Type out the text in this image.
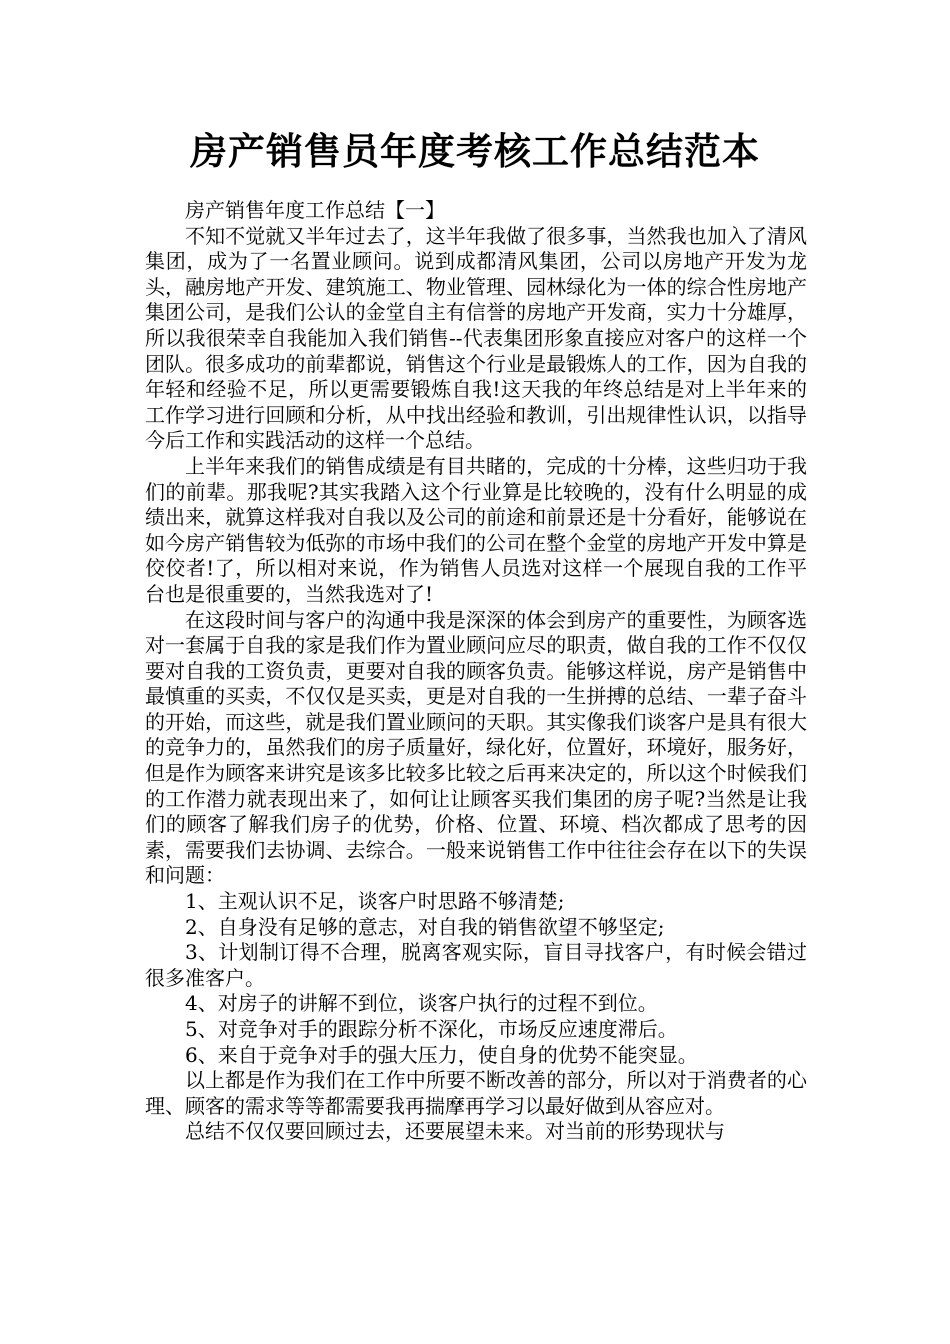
房产销售员年度考核工作总结范本

房产销售年度工作总结【一】

不知不觉就又半年过去了，这半年我做了很多事，当然我也加入了清风集团，成为了一名置业顾问。说到成都清风集团，公司以房地产开发为龙头，融房地产开发、建筑施工、物业管理、园林绿化为一体的综合性房地产集团公司，是我们公认的金堂自主有信誉的房地产开发商，实力十分雄厚，所以我很荣幸自我能加入我们销售--代表集团形象直接应对客户的这样一个团队。很多成功的前辈都说，销售这个行业是最锻炼人的工作，因为自我的年轻和经验不足，所以更需要锻炼自我!这天我的年终总结是对上半年来的工作学习进行回顾和分析，从中找出经验和教训，引出规律性认识，以指导今后工作和实践活动的这样一个总结。

上半年来我们的销售成绩是有目共睹的，完成的十分棒，这些归功于我们的前辈。那我呢?其实我踏入这个行业算是比较晚的，没有什么明显的成绩出来，就算这样我对自我以及公司的前途和前景还是十分看好，能够说在如今房产销售较为低弥的市场中我们的公司在整个金堂的房地产开发中算是佼佼者!了，所以相对来说，作为销售人员选对这样一个展现自我的工作平台也是很重要的，当然我选对了!

在这段时间与客户的沟通中我是深深的体会到房产的重要性，为顾客选对一套属于自我的家是我们作为置业顾问应尽的职责，做自我的工作不仅仅要对自我的工资负责，更要对自我的顾客负责。能够这样说，房产是销售中最慎重的买卖，不仅仅是买卖，更是对自我的一生拼搏的总结、一辈子奋斗的开始，而这些，就是我们置业顾问的天职。其实像我们谈客户是具有很大的竞争力的，虽然我们的房子质量好，绿化好，位置好，环境好，服务好，但是作为顾客来讲究是该多比较多比较之后再来决定的，所以这个时候我们的工作潜力就表现出来了，如何让让顾客买我们集团的房子呢?当然是让我们的顾客了解我们房子的优势，价格、位置、环境、档次都成了思考的因素，需要我们去协调、去综合。一般来说销售工作中往往会存在以下的失误和问题：

1、主观认识不足，谈客户时思路不够清楚;

2、自身没有足够的意志，对自我的销售欲望不够坚定;

3、计划制订得不合理，脱离客观实际，盲目寻找客户，有时候会错过很多准客户。

4、对房子的讲解不到位，谈客户执行的过程不到位。

5、对竞争对手的跟踪分析不深化，市场反应速度滞后。

6、来自于竞争对手的强大压力，使自身的优势不能突显。

以上都是作为我们在工作中所要不断改善的部分，所以对于消费者的心理、顾客的需求等等都需要我再揣摩再学习以最好做到从容应对。

总结不仅仅要回顾过去，还要展望未来。对当前的形势现状与
